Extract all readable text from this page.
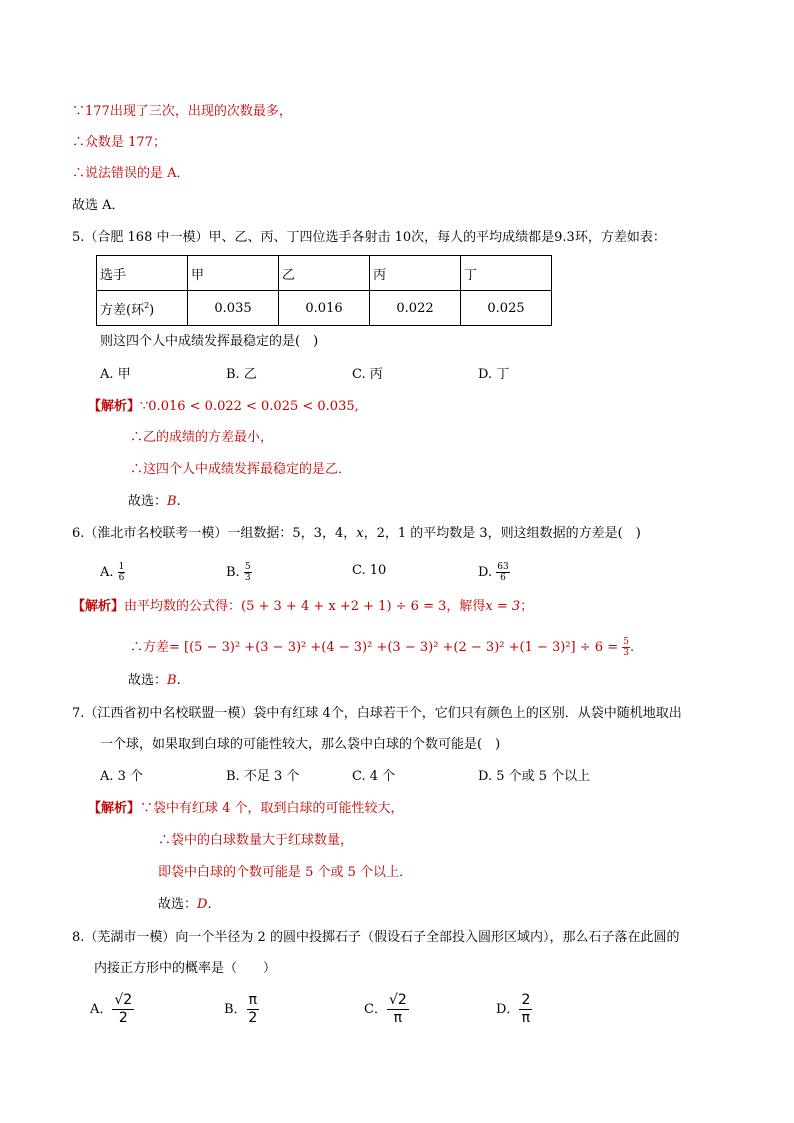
∵177出现了三次，出现的次数最多，
∴众数是 177；
∴说法错误的是 A．
故选 A．
5.（合肥 168 中一模）甲、乙、丙、丁四位选手各射击 10次，每人的平均成绩都是9.3环，方差如表：
选手	甲	乙	丙	丁
方差(环$^2$)	0.035	0.016	0.022	0.025
则这四个人中成绩发挥最稳定的是(　)
A. 甲	B. 乙	C. 丙	D. 丁
【解析】∵0.016 < 0.022 < 0.025 < 0.035,
∴乙的成绩的方差最小，
∴这四个人中成绩发挥最稳定的是乙．
故选：B.
6.（淮北市名校联考一模）一组数据：5，3，4，x，2，1 的平均数是 3，则这组数据的方差是(　)
A. $\frac{1}{6}$	B. $\frac{5}{3}$	C. 10	D. $\frac{63}{6}$
【解析】由平均数的公式得：(5 + 3 + 4 + x +2 + 1) ÷ 6 = 3，解得x = 3；
∴方差= $[(5 - 3)^2 +(3 - 3)^2 +(4 - 3)^2 +(3 - 3)^2 +(2 - 3)^2 +(1 - 3)^2] \div 6 = \frac{5}{3}$ .
故选：B.
7.（江西省初中名校联盟一模）袋中有红球 4个，白球若干个，它们只有颜色上的区别．从袋中随机地取出
一个球，如果取到白球的可能性较大，那么袋中白球的个数可能是(　)
A. 3 个	B. 不足 3 个	C. 4 个	D. 5 个或 5 个以上
【解析】∵袋中有红球 4 个，取到白球的可能性较大，
∴袋中的白球数量大于红球数量，
即袋中白球的个数可能是 5 个或 5 个以上．
故选：D.
8.（芜湖市一模）向一个半径为 2 的圆中投掷石子（假设石子全部投入圆形区域内），那么石子落在此圆的
内接正方形中的概率是（　　）
A． $\frac{√2}{2}$	B． $\frac{\pi}{2}$	C． $\frac{√2}{\pi}$	D． $\frac{2}{\pi}$
